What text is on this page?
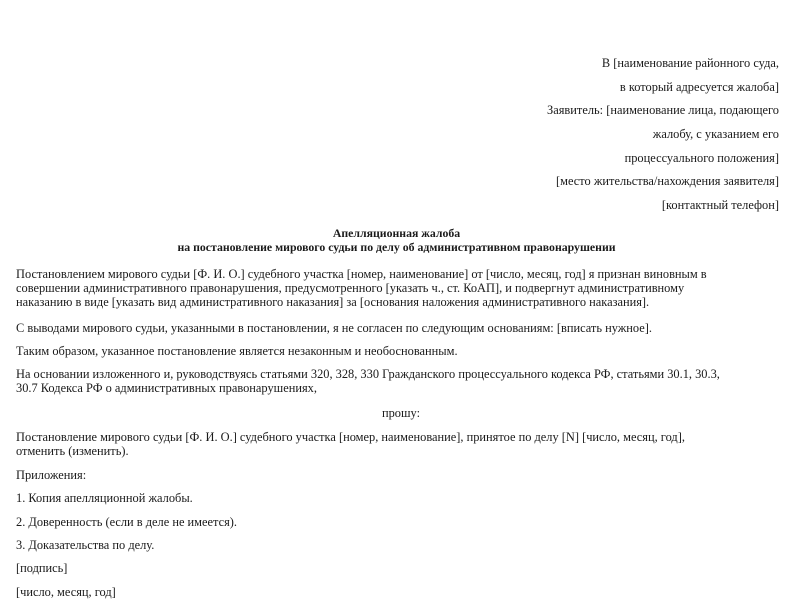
В [наименование районного суда,
в который адресуется жалоба]
Заявитель: [наименование лица, подающего
жалобу, с указанием его
процессуального положения]
[место жительства/нахождения заявителя]
[контактный телефон]
Апелляционная жалоба
на постановление мирового судьи по делу об административном правонарушении
Постановлением мирового судьи [Ф. И. О.] судебного участка [номер, наименование] от [число, месяц, год] я признан виновным в
совершении административного правонарушения, предусмотренного [указать ч., ст. КоАП], и подвергнут административному
наказанию в виде [указать вид административного наказания] за [основания наложения административного наказания].
С выводами мирового судьи, указанными в постановлении, я не согласен по следующим основаниям: [вписать нужное].
Таким образом, указанное постановление является незаконным и необоснованным.
На основании изложенного и, руководствуясь статьями 320, 328, 330 Гражданского процессуального кодекса РФ, статьями 30.1, 30.3,
30.7 Кодекса РФ о административных правонарушениях,
прошу:
Постановление мирового судьи [Ф. И. О.] судебного участка [номер, наименование], принятое по делу [N] [число, месяц, год],
отменить (изменить).
Приложения:
1. Копия апелляционной жалобы.
2. Доверенность (если в деле не имеется).
3. Доказательства по делу.
[подпись]
[число, месяц, год]
